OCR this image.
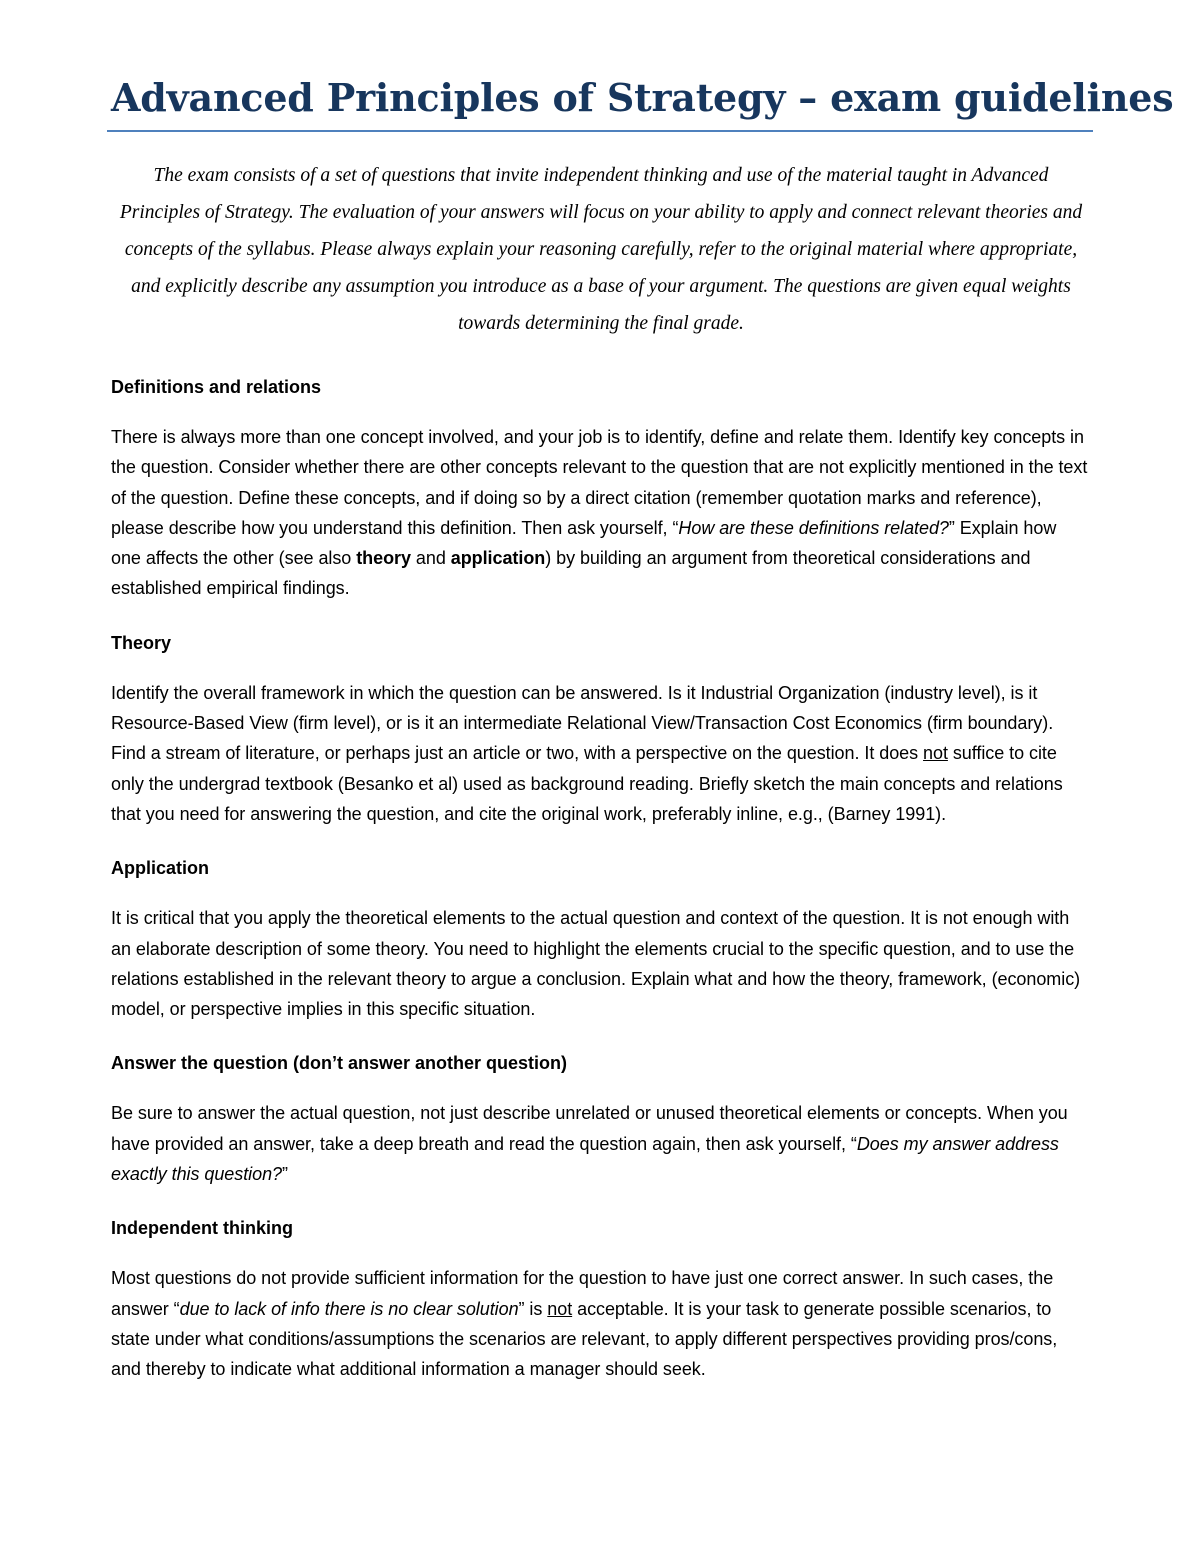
Advanced Principles of Strategy – exam guidelines

The exam consists of a set of questions that invite independent thinking and use of the material taught in Advanced Principles of Strategy. The evaluation of your answers will focus on your ability to apply and connect relevant theories and concepts of the syllabus. Please always explain your reasoning carefully, refer to the original material where appropriate, and explicitly describe any assumption you introduce as a base of your argument. The questions are given equal weights towards determining the final grade.

Definitions and relations

There is always more than one concept involved, and your job is to identify, define and relate them. Identify key concepts in the question. Consider whether there are other concepts relevant to the question that are not explicitly mentioned in the text of the question. Define these concepts, and if doing so by a direct citation (remember quotation marks and reference), please describe how you understand this definition. Then ask yourself, “How are these definitions related?” Explain how one affects the other (see also theory and application) by building an argument from theoretical considerations and established empirical findings.

Theory

Identify the overall framework in which the question can be answered. Is it Industrial Organization (industry level), is it Resource-Based View (firm level), or is it an intermediate Relational View/Transaction Cost Economics (firm boundary). Find a stream of literature, or perhaps just an article or two, with a perspective on the question. It does not suffice to cite only the undergrad textbook (Besanko et al) used as background reading. Briefly sketch the main concepts and relations that you need for answering the question, and cite the original work, preferably inline, e.g., (Barney 1991).

Application

It is critical that you apply the theoretical elements to the actual question and context of the question. It is not enough with an elaborate description of some theory. You need to highlight the elements crucial to the specific question, and to use the relations established in the relevant theory to argue a conclusion. Explain what and how the theory, framework, (economic) model, or perspective implies in this specific situation.

Answer the question (don’t answer another question)

Be sure to answer the actual question, not just describe unrelated or unused theoretical elements or concepts. When you have provided an answer, take a deep breath and read the question again, then ask yourself, “Does my answer address exactly this question?”

Independent thinking

Most questions do not provide sufficient information for the question to have just one correct answer. In such cases, the answer “due to lack of info there is no clear solution” is not acceptable. It is your task to generate possible scenarios, to state under what conditions/assumptions the scenarios are relevant, to apply different perspectives providing pros/cons, and thereby to indicate what additional information a manager should seek.
